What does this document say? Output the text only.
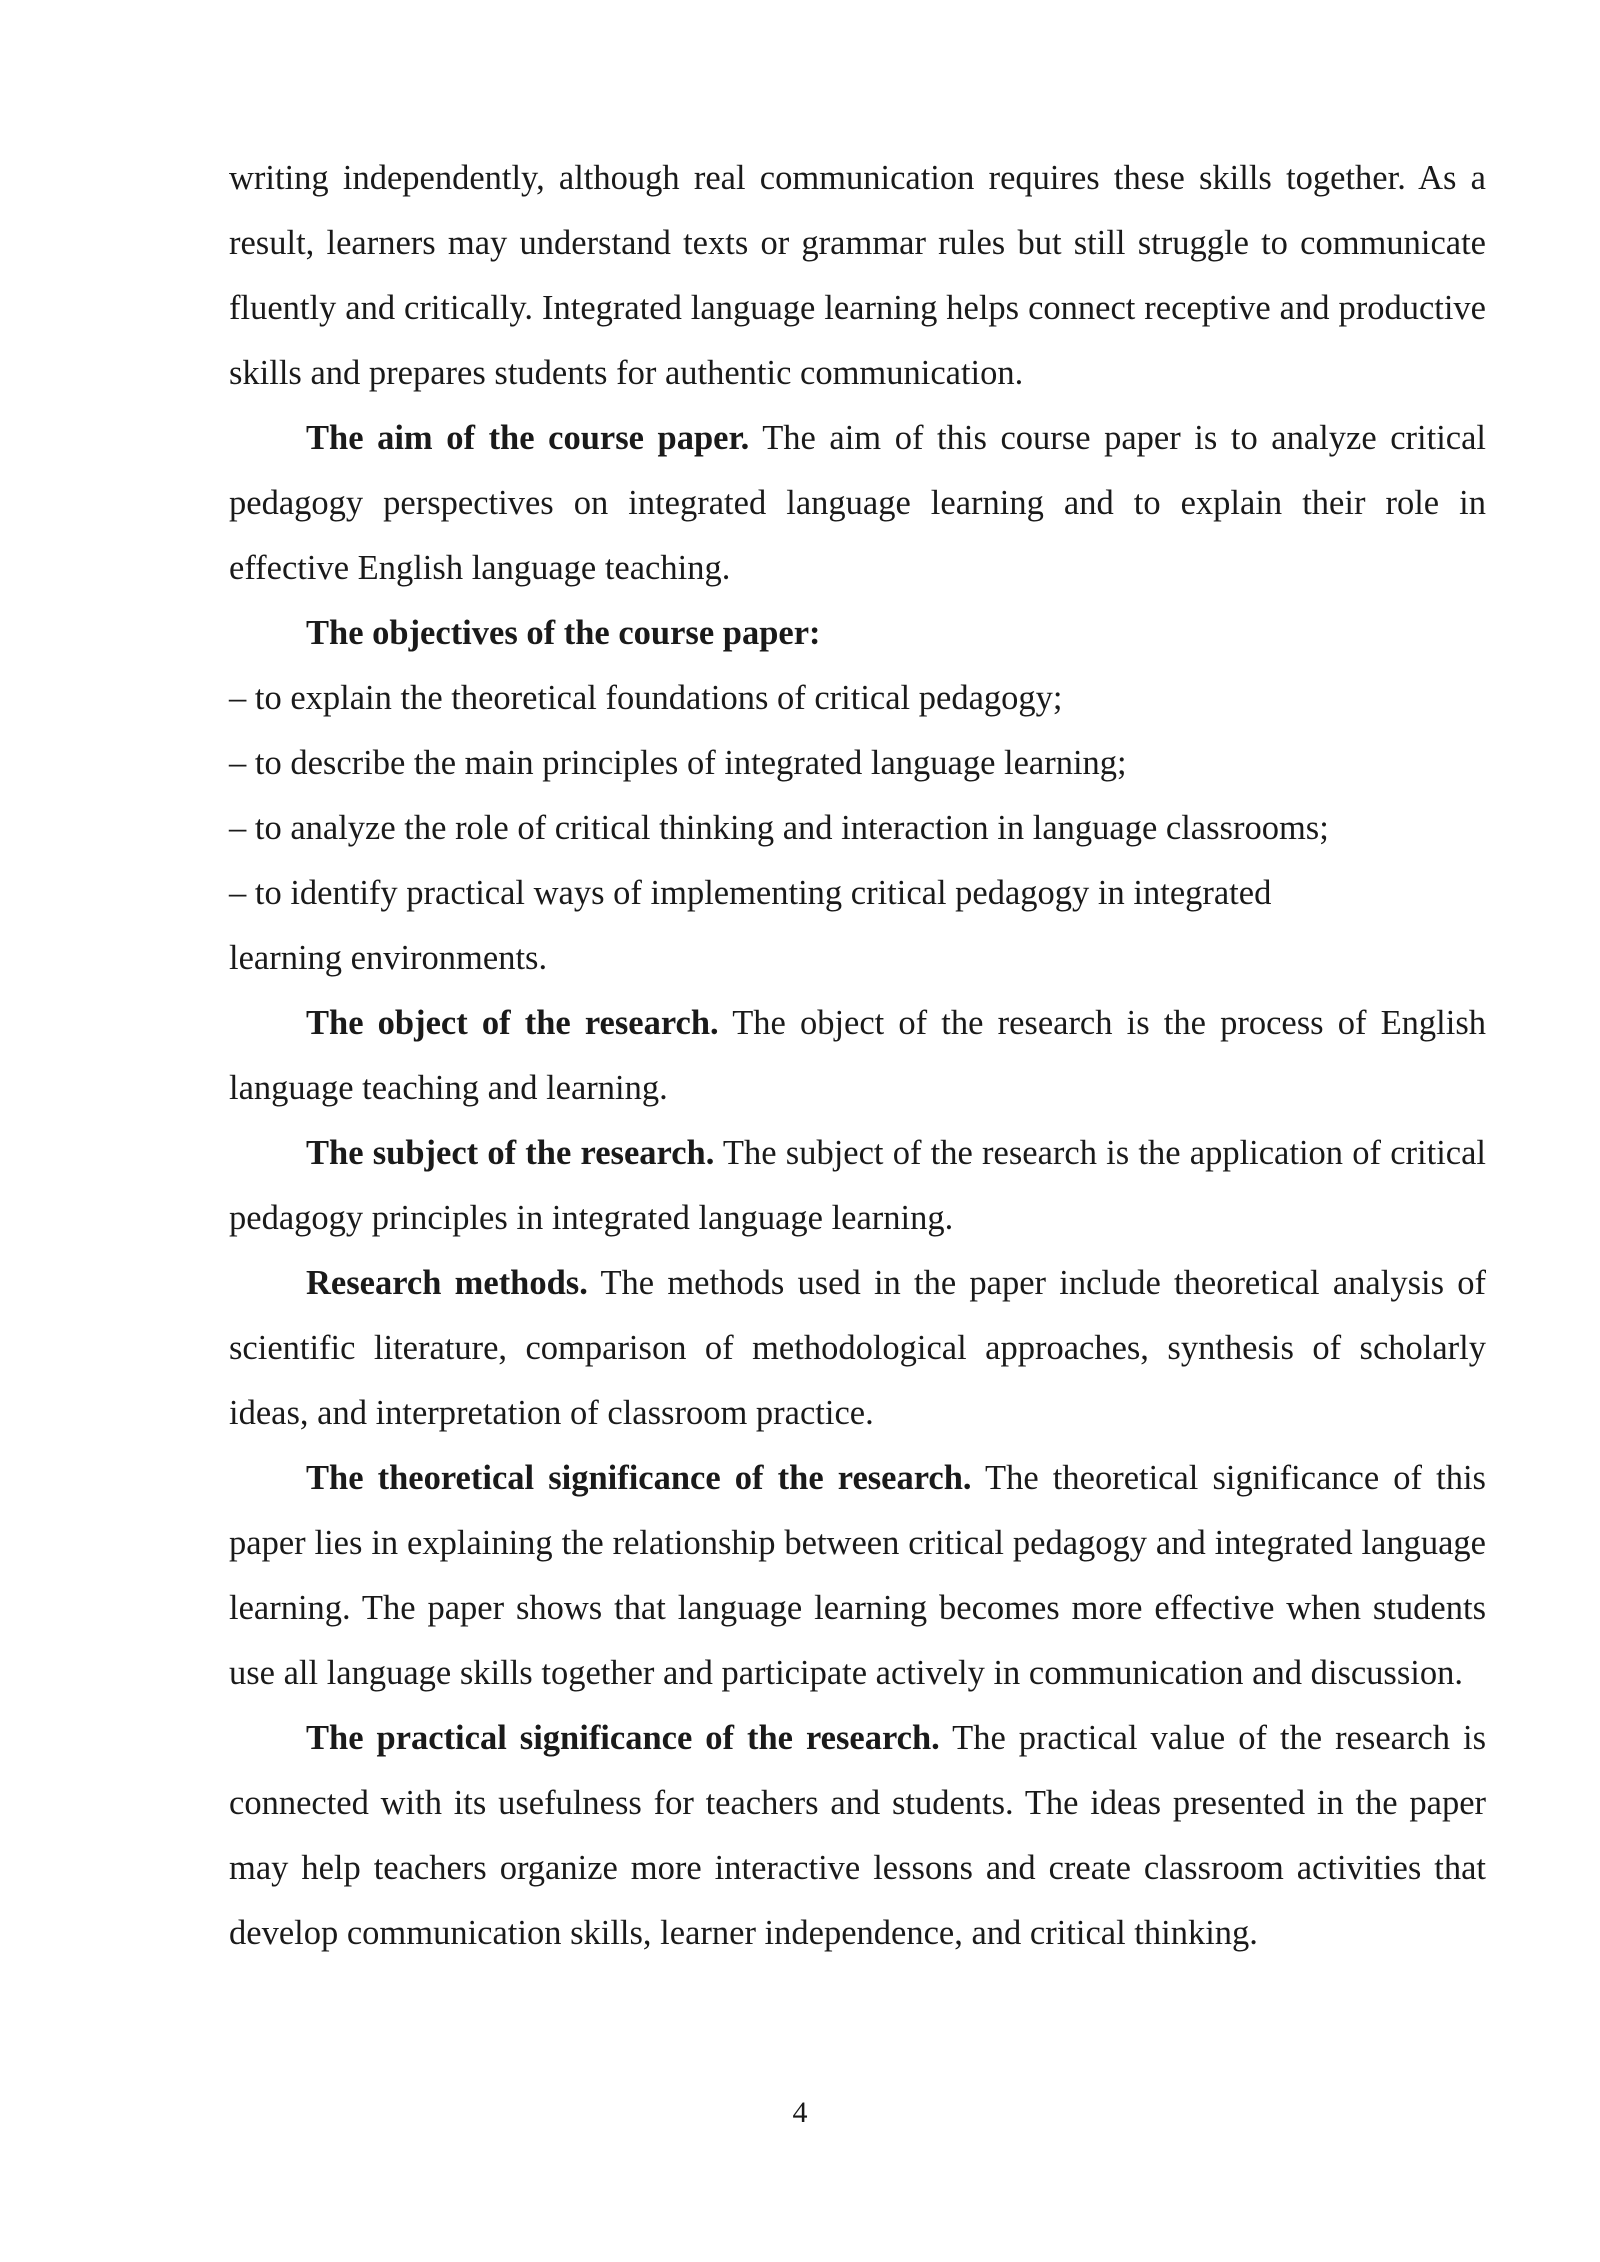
writing independently, although real communication requires these skills together. As a result, learners may understand texts or grammar rules but still struggle to communicate fluently and critically. Integrated language learning helps connect receptive and productive skills and prepares students for authentic communication.

The aim of the course paper. The aim of this course paper is to analyze critical pedagogy perspectives on integrated language learning and to explain their role in effective English language teaching.

The objectives of the course paper:

– to explain the theoretical foundations of critical pedagogy;

– to describe the main principles of integrated language learning;

– to analyze the role of critical thinking and interaction in language classrooms;

– to identify practical ways of implementing critical pedagogy in integrated learning environments.

The object of the research. The object of the research is the process of English language teaching and learning.

The subject of the research. The subject of the research is the application of critical pedagogy principles in integrated language learning.

Research methods. The methods used in the paper include theoretical analysis of scientific literature, comparison of methodological approaches, synthesis of scholarly ideas, and interpretation of classroom practice.

The theoretical significance of the research. The theoretical significance of this paper lies in explaining the relationship between critical pedagogy and integrated language learning. The paper shows that language learning becomes more effective when students use all language skills together and participate actively in communication and discussion.

The practical significance of the research. The practical value of the research is connected with its usefulness for teachers and students. The ideas presented in the paper may help teachers organize more interactive lessons and create classroom activities that develop communication skills, learner independence, and critical thinking.

4
